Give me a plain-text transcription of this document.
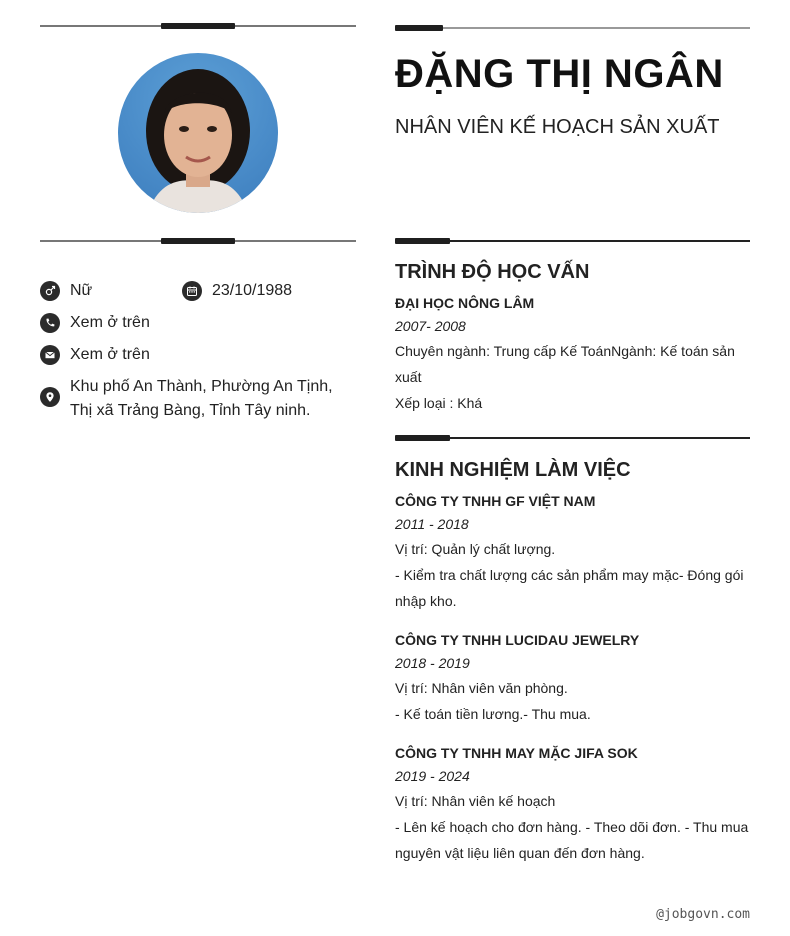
Nữ	23/10/1988
Xem ở trên
Xem ở trên
Khu phố An Thành, Phường An Tịnh, Thị xã Trảng Bàng, Tỉnh Tây ninh.
ĐẶNG THỊ NGÂN
NHÂN VIÊN KẾ HOẠCH SẢN XUẤT
TRÌNH ĐỘ HỌC VẤN
ĐẠI HỌC NÔNG LÂM
2007- 2008
Chuyên ngành: Trung cấp Kế ToánNgành: Kế toán sản xuất
Xếp loại : Khá
KINH NGHIỆM LÀM VIỆC
CÔNG TY TNHH GF VIỆT NAM
2011 - 2018
Vị trí: Quản lý chất lượng.
- Kiểm tra chất lượng các sản phẩm may mặc- Đóng gói nhập kho.
CÔNG TY TNHH LUCIDAU JEWELRY
2018 - 2019
Vị trí: Nhân viên văn phòng.
- Kế toán tiền lương.- Thu mua.
CÔNG TY TNHH MAY MẶC JIFA SOK
2019 - 2024
Vị trí: Nhân viên kế hoạch
- Lên kế hoạch cho đơn hàng. - Theo dõi đơn. - Thu mua nguyên vật liệu liên quan đến đơn hàng.
@jobgovn.com
